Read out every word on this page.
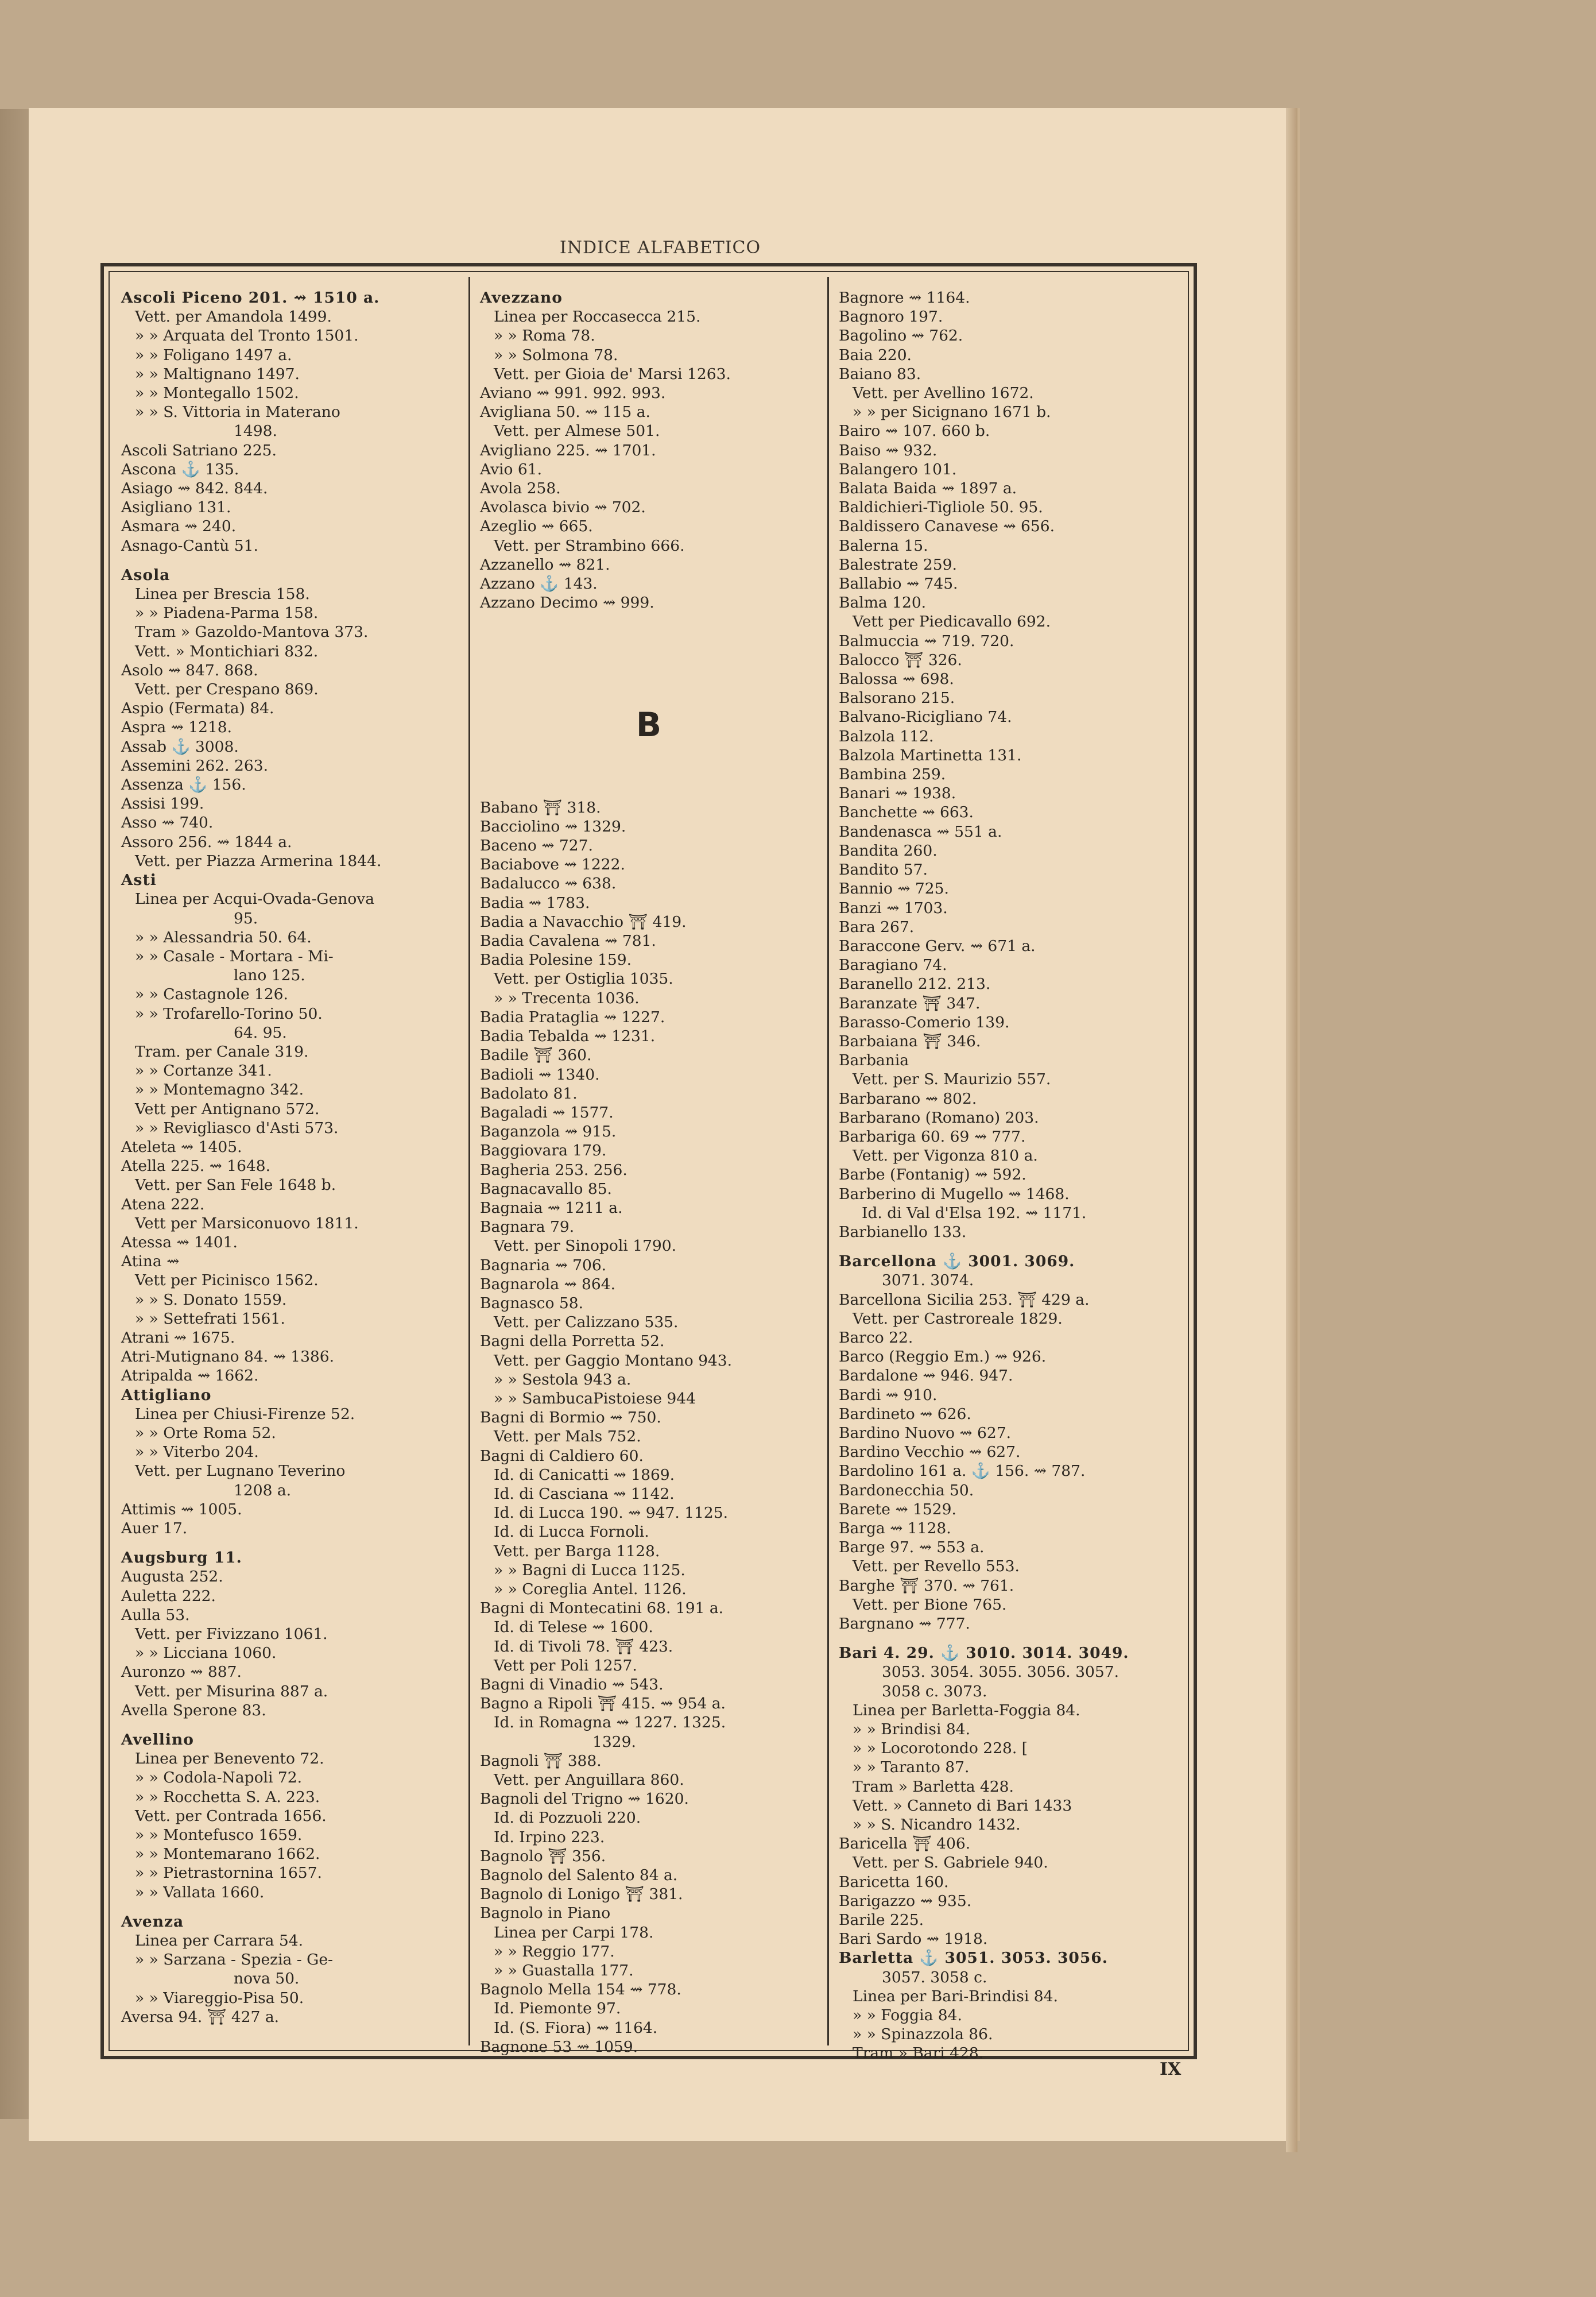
INDICE ALFABETICO
Ascoli Piceno 201. ⇝ 1510 a.
Vett. per Amandola 1499.
» » Arquata del Tronto 1501.
» » Foligano 1497 a.
» » Maltignano 1497.
» » Montegallo 1502.
» » S. Vittoria in Materano
1498.
Ascoli Satriano 225.
Ascona ⚓ 135.
Asiago ⇝ 842. 844.
Asigliano 131.
Asmara ⇝ 240.
Asnago-Cantù 51.
Asola
Linea per Brescia 158.
» » Piadena-Parma 158.
Tram » Gazoldo-Mantova 373.
Vett. » Montichiari 832.
Asolo ⇝ 847. 868.
Vett. per Crespano 869.
Aspio (Fermata) 84.
Aspra ⇝ 1218.
Assab ⚓ 3008.
Assemini 262. 263.
Assenza ⚓ 156.
Assisi 199.
Asso ⇝ 740.
Assoro 256. ⇝ 1844 a.
Vett. per Piazza Armerina 1844.
Asti
Linea per Acqui-Ovada-Genova
95.
» » Alessandria 50. 64.
» » Casale - Mortara - Mi-
lano 125.
» » Castagnole 126.
» » Trofarello-Torino 50.
64. 95.
Tram. per Canale 319.
» » Cortanze 341.
» » Montemagno 342.
Vett per Antignano 572.
» » Revigliasco d'Asti 573.
Ateleta ⇝ 1405.
Atella 225. ⇝ 1648.
Vett. per San Fele 1648 b.
Atena 222.
Vett per Marsiconuovo 1811.
Atessa ⇝ 1401.
Atina ⇝
Vett per Picinisco 1562.
» » S. Donato 1559.
» » Settefrati 1561.
Atrani ⇝ 1675.
Atri-Mutignano 84. ⇝ 1386.
Atripalda ⇝ 1662.
Attigliano
Linea per Chiusi-Firenze 52.
» » Orte Roma 52.
» » Viterbo 204.
Vett. per Lugnano Teverino
1208 a.
Attimis ⇝ 1005.
Auer 17.
Augsburg 11.
Augusta 252.
Auletta 222.
Aulla 53.
Vett. per Fivizzano 1061.
» » Licciana 1060.
Auronzo ⇝ 887.
Vett. per Misurina 887 a.
Avella Sperone 83.
Avellino
Linea per Benevento 72.
» » Codola-Napoli 72.
» » Rocchetta S. A. 223.
Vett. per Contrada 1656.
» » Montefusco 1659.
» » Montemarano 1662.
» » Pietrastornina 1657.
» » Vallata 1660.
Avenza
Linea per Carrara 54.
» » Sarzana - Spezia - Ge-
nova 50.
» » Viareggio-Pisa 50.
Aversa 94. ⛩ 427 a.
Avezzano
Linea per Roccasecca 215.
» » Roma 78.
» » Solmona 78.
Vett. per Gioia de' Marsi 1263.
Aviano ⇝ 991. 992. 993.
Avigliana 50. ⇝ 115 a.
Vett. per Almese 501.
Avigliano 225. ⇝ 1701.
Avio 61.
Avola 258.
Avolasca bivio ⇝ 702.
Azeglio ⇝ 665.
Vett. per Strambino 666.
Azzanello ⇝ 821.
Azzano ⚓ 143.
Azzano Decimo ⇝ 999.
B
Babano ⛩ 318.
Bacciolino ⇝ 1329.
Baceno ⇝ 727.
Baciabove ⇝ 1222.
Badalucco ⇝ 638.
Badia ⇝ 1783.
Badia a Navacchio ⛩ 419.
Badia Cavalena ⇝ 781.
Badia Polesine 159.
Vett. per Ostiglia 1035.
» » Trecenta 1036.
Badia Prataglia ⇝ 1227.
Badia Tebalda ⇝ 1231.
Badile ⛩ 360.
Badioli ⇝ 1340.
Badolato 81.
Bagaladi ⇝ 1577.
Baganzola ⇝ 915.
Baggiovara 179.
Bagheria 253. 256.
Bagnacavallo 85.
Bagnaia ⇝ 1211 a.
Bagnara 79.
Vett. per Sinopoli 1790.
Bagnaria ⇝ 706.
Bagnarola ⇝ 864.
Bagnasco 58.
Vett. per Calizzano 535.
Bagni della Porretta 52.
Vett. per Gaggio Montano 943.
» » Sestola 943 a.
» » SambucaPistoiese 944
Bagni di Bormio ⇝ 750.
Vett. per Mals 752.
Bagni di Caldiero 60.
Id. di Canicatti ⇝ 1869.
Id. di Casciana ⇝ 1142.
Id. di Lucca 190. ⇝ 947. 1125.
Id. di Lucca Fornoli.
Vett. per Barga 1128.
» » Bagni di Lucca 1125.
» » Coreglia Antel. 1126.
Bagni di Montecatini 68. 191 a.
Id. di Telese ⇝ 1600.
Id. di Tivoli 78. ⛩ 423.
Vett per Poli 1257.
Bagni di Vinadio ⇝ 543.
Bagno a Ripoli ⛩ 415. ⇝ 954 a.
Id. in Romagna ⇝ 1227. 1325.
1329.
Bagnoli ⛩ 388.
Vett. per Anguillara 860.
Bagnoli del Trigno ⇝ 1620.
Id. di Pozzuoli 220.
Id. Irpino 223.
Bagnolo ⛩ 356.
Bagnolo del Salento 84 a.
Bagnolo di Lonigo ⛩ 381.
Bagnolo in Piano
Linea per Carpi 178.
» » Reggio 177.
» » Guastalla 177.
Bagnolo Mella 154 ⇝ 778.
Id. Piemonte 97.
Id. (S. Fiora) ⇝ 1164.
Bagnone 53 ⇝ 1059.
Bagnore ⇝ 1164.
Bagnoro 197.
Bagolino ⇝ 762.
Baia 220.
Baiano 83.
Vett. per Avellino 1672.
» » per Sicignano 1671 b.
Bairo ⇝ 107. 660 b.
Baiso ⇝ 932.
Balangero 101.
Balata Baida ⇝ 1897 a.
Baldichieri-Tigliole 50. 95.
Baldissero Canavese ⇝ 656.
Balerna 15.
Balestrate 259.
Ballabio ⇝ 745.
Balma 120.
Vett per Piedicavallo 692.
Balmuccia ⇝ 719. 720.
Balocco ⛩ 326.
Balossa ⇝ 698.
Balsorano 215.
Balvano-Ricigliano 74.
Balzola 112.
Balzola Martinetta 131.
Bambina 259.
Banari ⇝ 1938.
Banchette ⇝ 663.
Bandenasca ⇝ 551 a.
Bandita 260.
Bandito 57.
Bannio ⇝ 725.
Banzi ⇝ 1703.
Bara 267.
Baraccone Gerv. ⇝ 671 a.
Baragiano 74.
Baranello 212. 213.
Baranzate ⛩ 347.
Barasso-Comerio 139.
Barbaiana ⛩ 346.
Barbania
Vett. per S. Maurizio 557.
Barbarano ⇝ 802.
Barbarano (Romano) 203.
Barbariga 60. 69 ⇝ 777.
Vett. per Vigonza 810 a.
Barbe (Fontanig) ⇝ 592.
Barberino di Mugello ⇝ 1468.
Id. di Val d'Elsa 192. ⇝ 1171.
Barbianello 133.
Barcellona ⚓ 3001. 3069.
3071. 3074.
Barcellona Sicilia 253. ⛩ 429 a.
Vett. per Castroreale 1829.
Barco 22.
Barco (Reggio Em.) ⇝ 926.
Bardalone ⇝ 946. 947.
Bardi ⇝ 910.
Bardineto ⇝ 626.
Bardino Nuovo ⇝ 627.
Bardino Vecchio ⇝ 627.
Bardolino 161 a. ⚓ 156. ⇝ 787.
Bardonecchia 50.
Barete ⇝ 1529.
Barga ⇝ 1128.
Barge 97. ⇝ 553 a.
Vett. per Revello 553.
Barghe ⛩ 370. ⇝ 761.
Vett. per Bione 765.
Bargnano ⇝ 777.
Bari 4. 29. ⚓ 3010. 3014. 3049.
3053. 3054. 3055. 3056. 3057.
3058 c. 3073.
Linea per Barletta-Foggia 84.
» » Brindisi 84.
» » Locorotondo 228. [
» » Taranto 87.
Tram » Barletta 428.
Vett. » Canneto di Bari 1433
» » S. Nicandro 1432.
Baricella ⛩ 406.
Vett. per S. Gabriele 940.
Baricetta 160.
Barigazzo ⇝ 935.
Barile 225.
Bari Sardo ⇝ 1918.
Barletta ⚓ 3051. 3053. 3056.
3057. 3058 c.
Linea per Bari-Brindisi 84.
» » Foggia 84.
» » Spinazzola 86.
Tram » Bari 428.
IX
